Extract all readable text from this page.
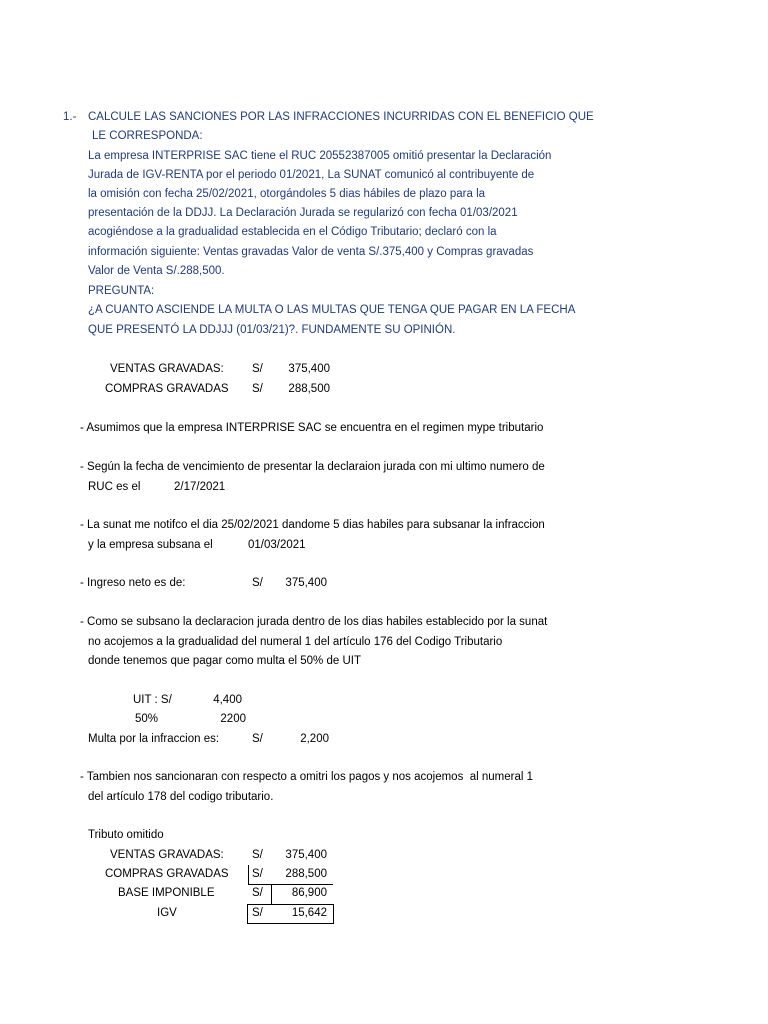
1.- CALCULE LAS SANCIONES POR LAS INFRACCIONES INCURRIDAS CON EL BENEFICIO QUE
LE CORRESPONDA:
La empresa INTERPRISE SAC tiene el RUC 20552387005 omitió presentar la Declaración
Jurada de IGV-RENTA por el periodo 01/2021, La SUNAT comunicó al contribuyente de
la omisión con fecha 25/02/2021, otorgándoles 5 dias hábiles de plazo para la
presentación de la DDJJ. La Declaración Jurada se regularizó con fecha 01/03/2021
acogiéndose a la gradualidad establecida en el Código Tributario; declaró con la
información siguiente: Ventas gravadas Valor de venta S/.375,400 y Compras gravadas
Valor de Venta S/.288,500.
PREGUNTA:
¿A CUANTO ASCIENDE LA MULTA O LAS MULTAS QUE TENGA QUE PAGAR EN LA FECHA
QUE PRESENTÓ LA DDJJJ (01/03/21)?. FUNDAMENTE SU OPINIÓN.
VENTAS GRAVADAS: S/	375,400
COMPRAS GRAVADAS S/	288,500
- Asumimos que la empresa INTERPRISE SAC se encuentra en el regimen mype tributario
- Según la fecha de vencimiento de presentar la declaraion jurada con mi ultimo numero de
RUC es el	2/17/2021
- La sunat me notifco el dia 25/02/2021 dandome 5 dias habiles para subsanar la infraccion
y la empresa subsana el	01/03/2021
- Ingreso neto es de:	S/	375,400
- Como se subsano la declaracion jurada dentro de los dias habiles establecido por la sunat
no acojemos a la gradualidad del numeral 1 del artículo 176 del Codigo Tributario
donde tenemos que pagar como multa el 50% de UIT
UIT : S/	4,400
50%	2200
Multa por la infraccion es:	S/	2,200
- Tambien nos sancionaran con respecto a omitri los pagos y nos acojemos  al numeral 1
del artículo 178 del codigo tributario.
Tributo omitido
VENTAS GRAVADAS: S/	375,400
COMPRAS GRAVADAS S/	288,500
BASE IMPONIBLE	S/	86,900
IGV	S/	15,642
